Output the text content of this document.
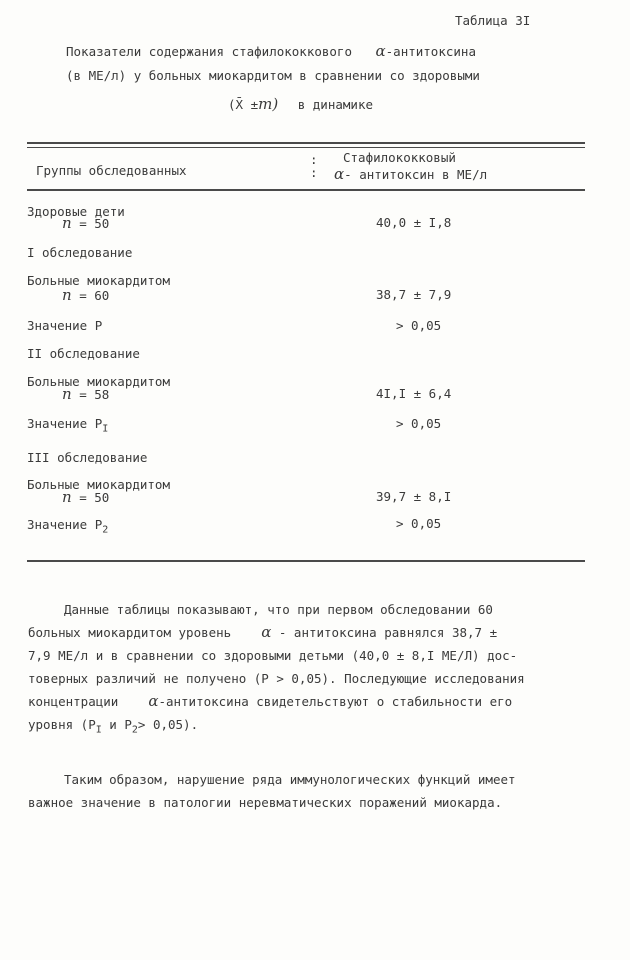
Таблица 3I
Показатели содержания стафилококкового α-антитоксина
(в МЕ/л) у больных миокардитом в сравнении со здоровыми
(X̄ ±m) в динамике
Группы обследованных
:
:
Стафилококковый
α- антитоксин в МЕ/л
Здоровые дети
n = 50	40,0 ± I,8
I обследование
Больные миокардитом
n = 60	38,7 ± 7,9
Значение P	> 0,05
II обследование
Больные миокардитом
n = 58	4I,I ± 6,4
Значение $P_I$	> 0,05
III обследование
Больные миокардитом
n = 50	39,7 ± 8,I
Значение $P_2$	> 0,05
Данные таблицы показывают, что при первом обследовании 60
больных миокардитом уровень α - антитоксина равнялся 38,7 ±
7,9 МЕ/л и в сравнении со здоровыми детьми (40,0 ± 8,I МЕ/Л) дос-
товерных различий не получено (P > 0,05). Последующие исследования
концентрации α-антитоксина свидетельствуют о стабильности его
уровня ($P_I$ и $P_2> 0,05$).
Таким образом, нарушение ряда иммунологических функций имеет
важное значение в патологии неревматических поражений миокарда.
